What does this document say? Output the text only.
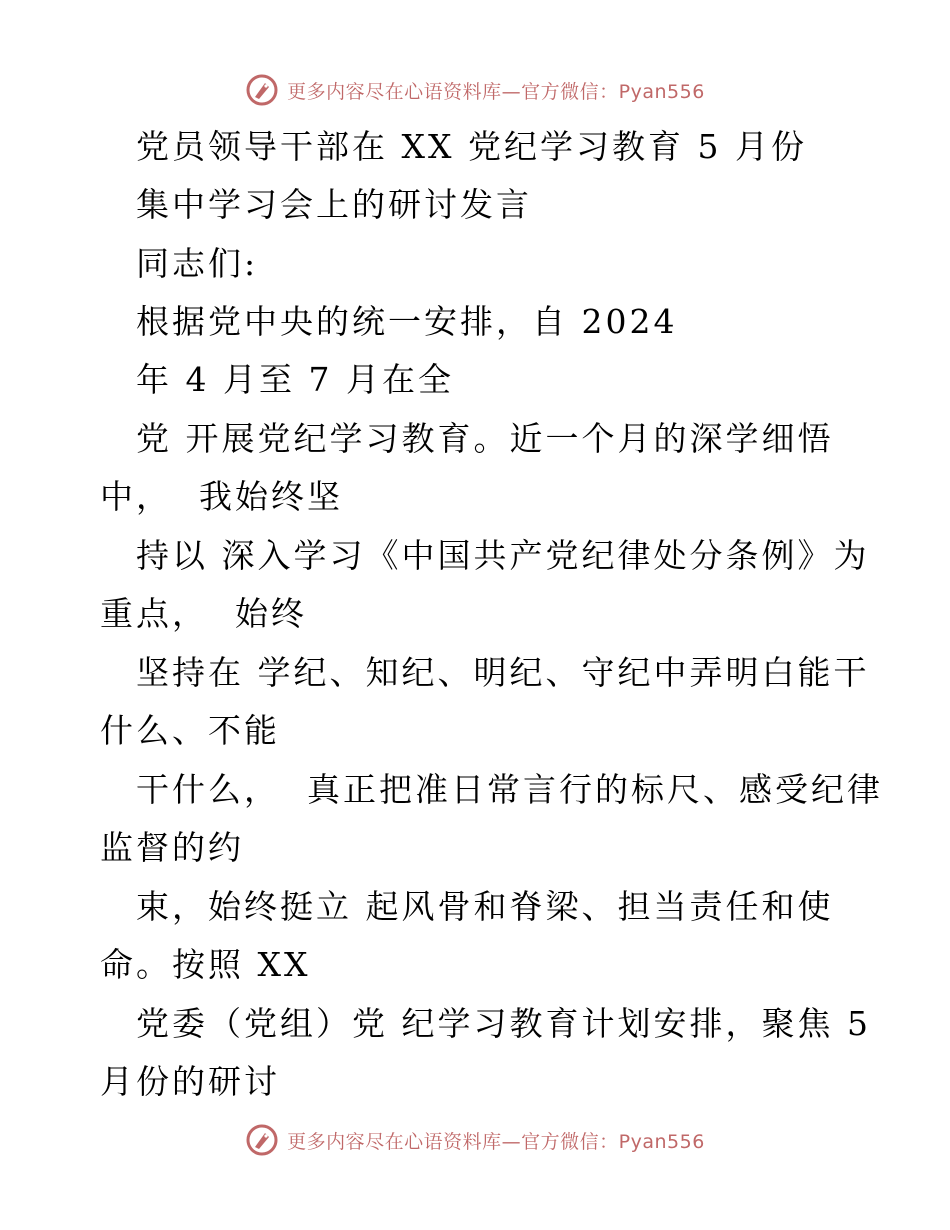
更多内容尽在心语资料库—官方微信：Pyan556
党员领导干部在 XX 党纪学习教育 5 月份
集中学习会上的研讨发言
同志们:
根据党中央的统一安排，自 2024
年 4 月至 7 月在全
党 开展党纪学习教育。近一个月的深学细悟
中，  我始终坚
持以 深入学习《中国共产党纪律处分条例》为
重点，  始终
坚持在 学纪、知纪、明纪、守纪中弄明白能干
什么、不能
干什么，  真正把准日常言行的标尺、感受纪律
监督的约
束，始终挺立 起风骨和脊梁、担当责任和使
命。按照 XX
党委（党组）党 纪学习教育计划安排，聚焦 5
月份的研讨
更多内容尽在心语资料库—官方微信：Pyan556
